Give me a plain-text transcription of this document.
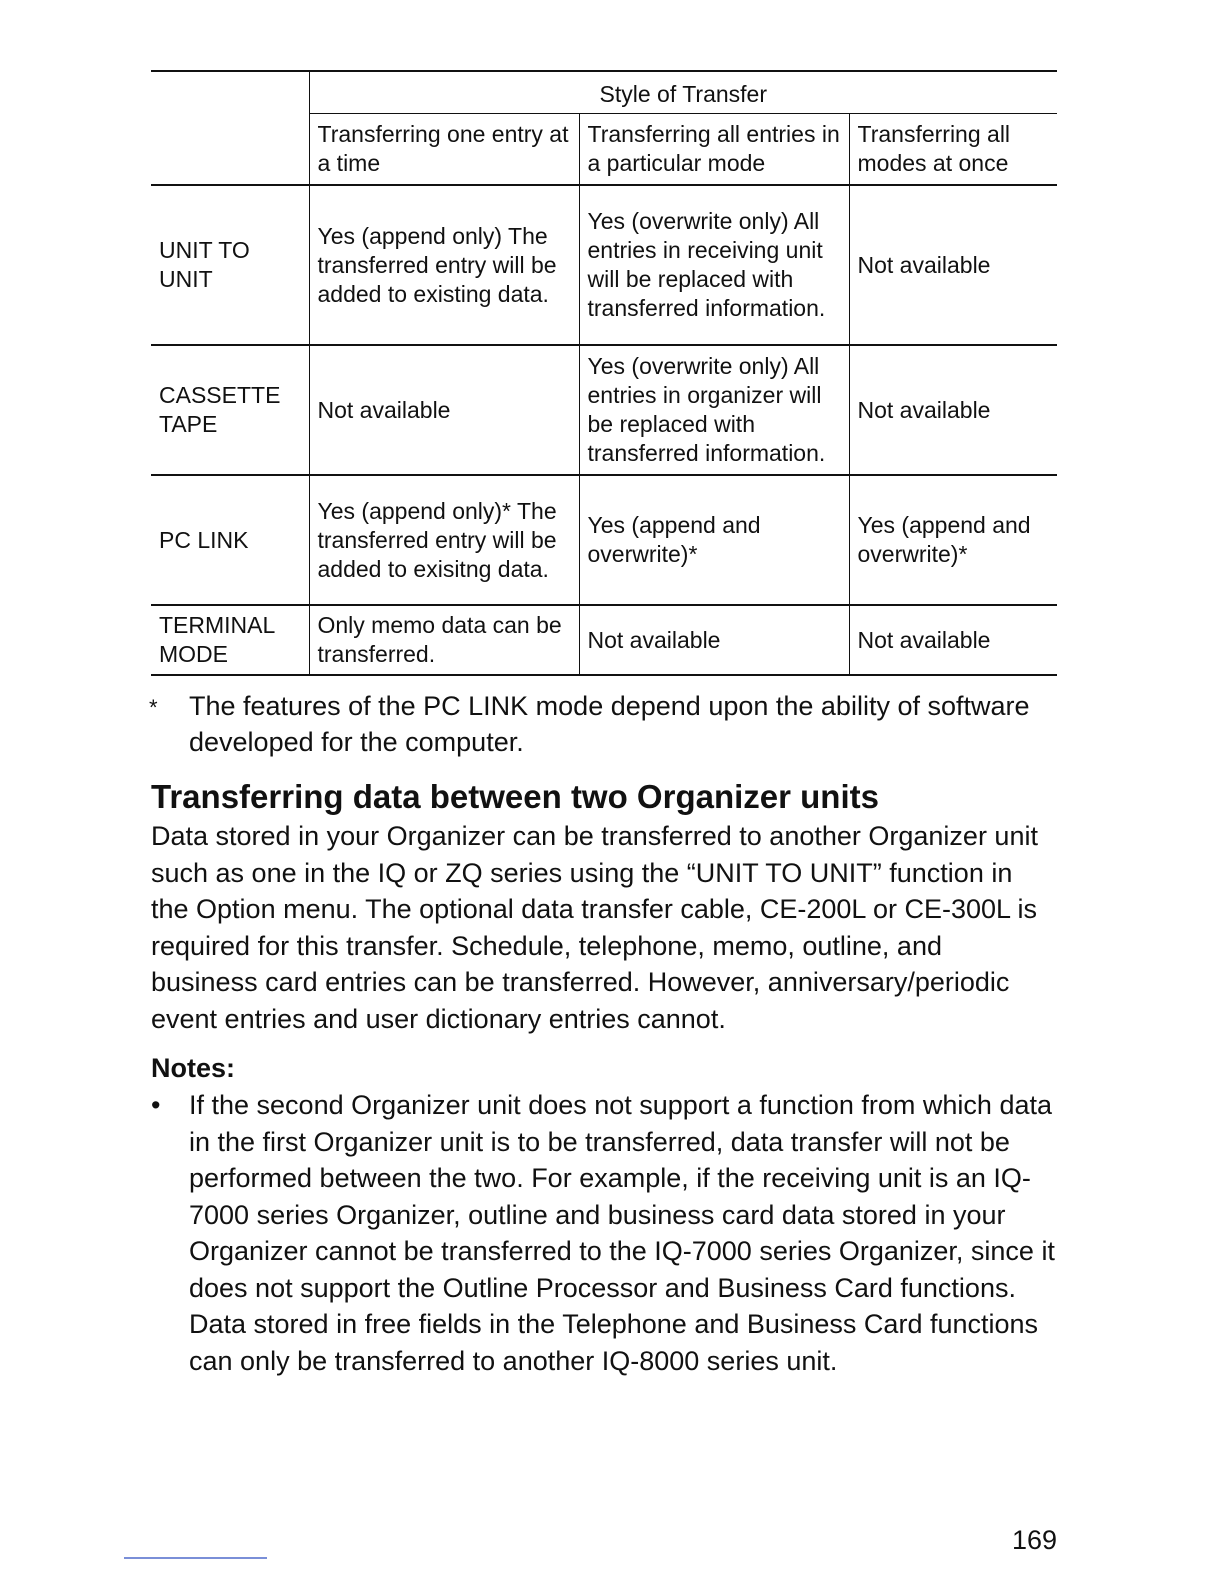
	Style of Transfer		
	Transferring one entry at a time	Transferring all entries in a particular mode	Transferring all modes at once
UNIT TO UNIT	Yes (append only) The transferred entry will be added to existing data.	Yes (overwrite only) All entries in receiving unit will be replaced with transferred information.	Not available
CASSETTE TAPE	Not available	Yes (overwrite only) All entries in organizer will be replaced with transferred information.	Not available
PC LINK	Yes (append only)* The transferred entry will be added to exisitng data.	Yes (append and overwrite)*	Yes (append and overwrite)*
TERMINAL MODE	Only memo data can be transferred.	Not available	Not available
* The features of the PC LINK mode depend upon the ability of software developed for the computer.
Transferring data between two Organizer units

Data stored in your Organizer can be transferred to another Organizer unit such as one in the IQ or ZQ series using the “UNIT TO UNIT” function in the Option menu. The optional data transfer cable, CE-200L or CE-300L is required for this transfer. Schedule, telephone, memo, outline, and business card entries can be transferred. However, anniversary/periodic event entries and user dictionary entries cannot.

Notes:

• If the second Organizer unit does not support a function from which data in the first Organizer unit is to be transferred, data transfer will not be performed between the two. For example, if the receiving unit is an IQ-7000 series Organizer, outline and business card data stored in your Organizer cannot be transferred to the IQ-7000 series Organizer, since it does not support the Outline Processor and Business Card functions. Data stored in free fields in the Telephone and Business Card functions can only be transferred to another IQ-8000 series unit.
169
